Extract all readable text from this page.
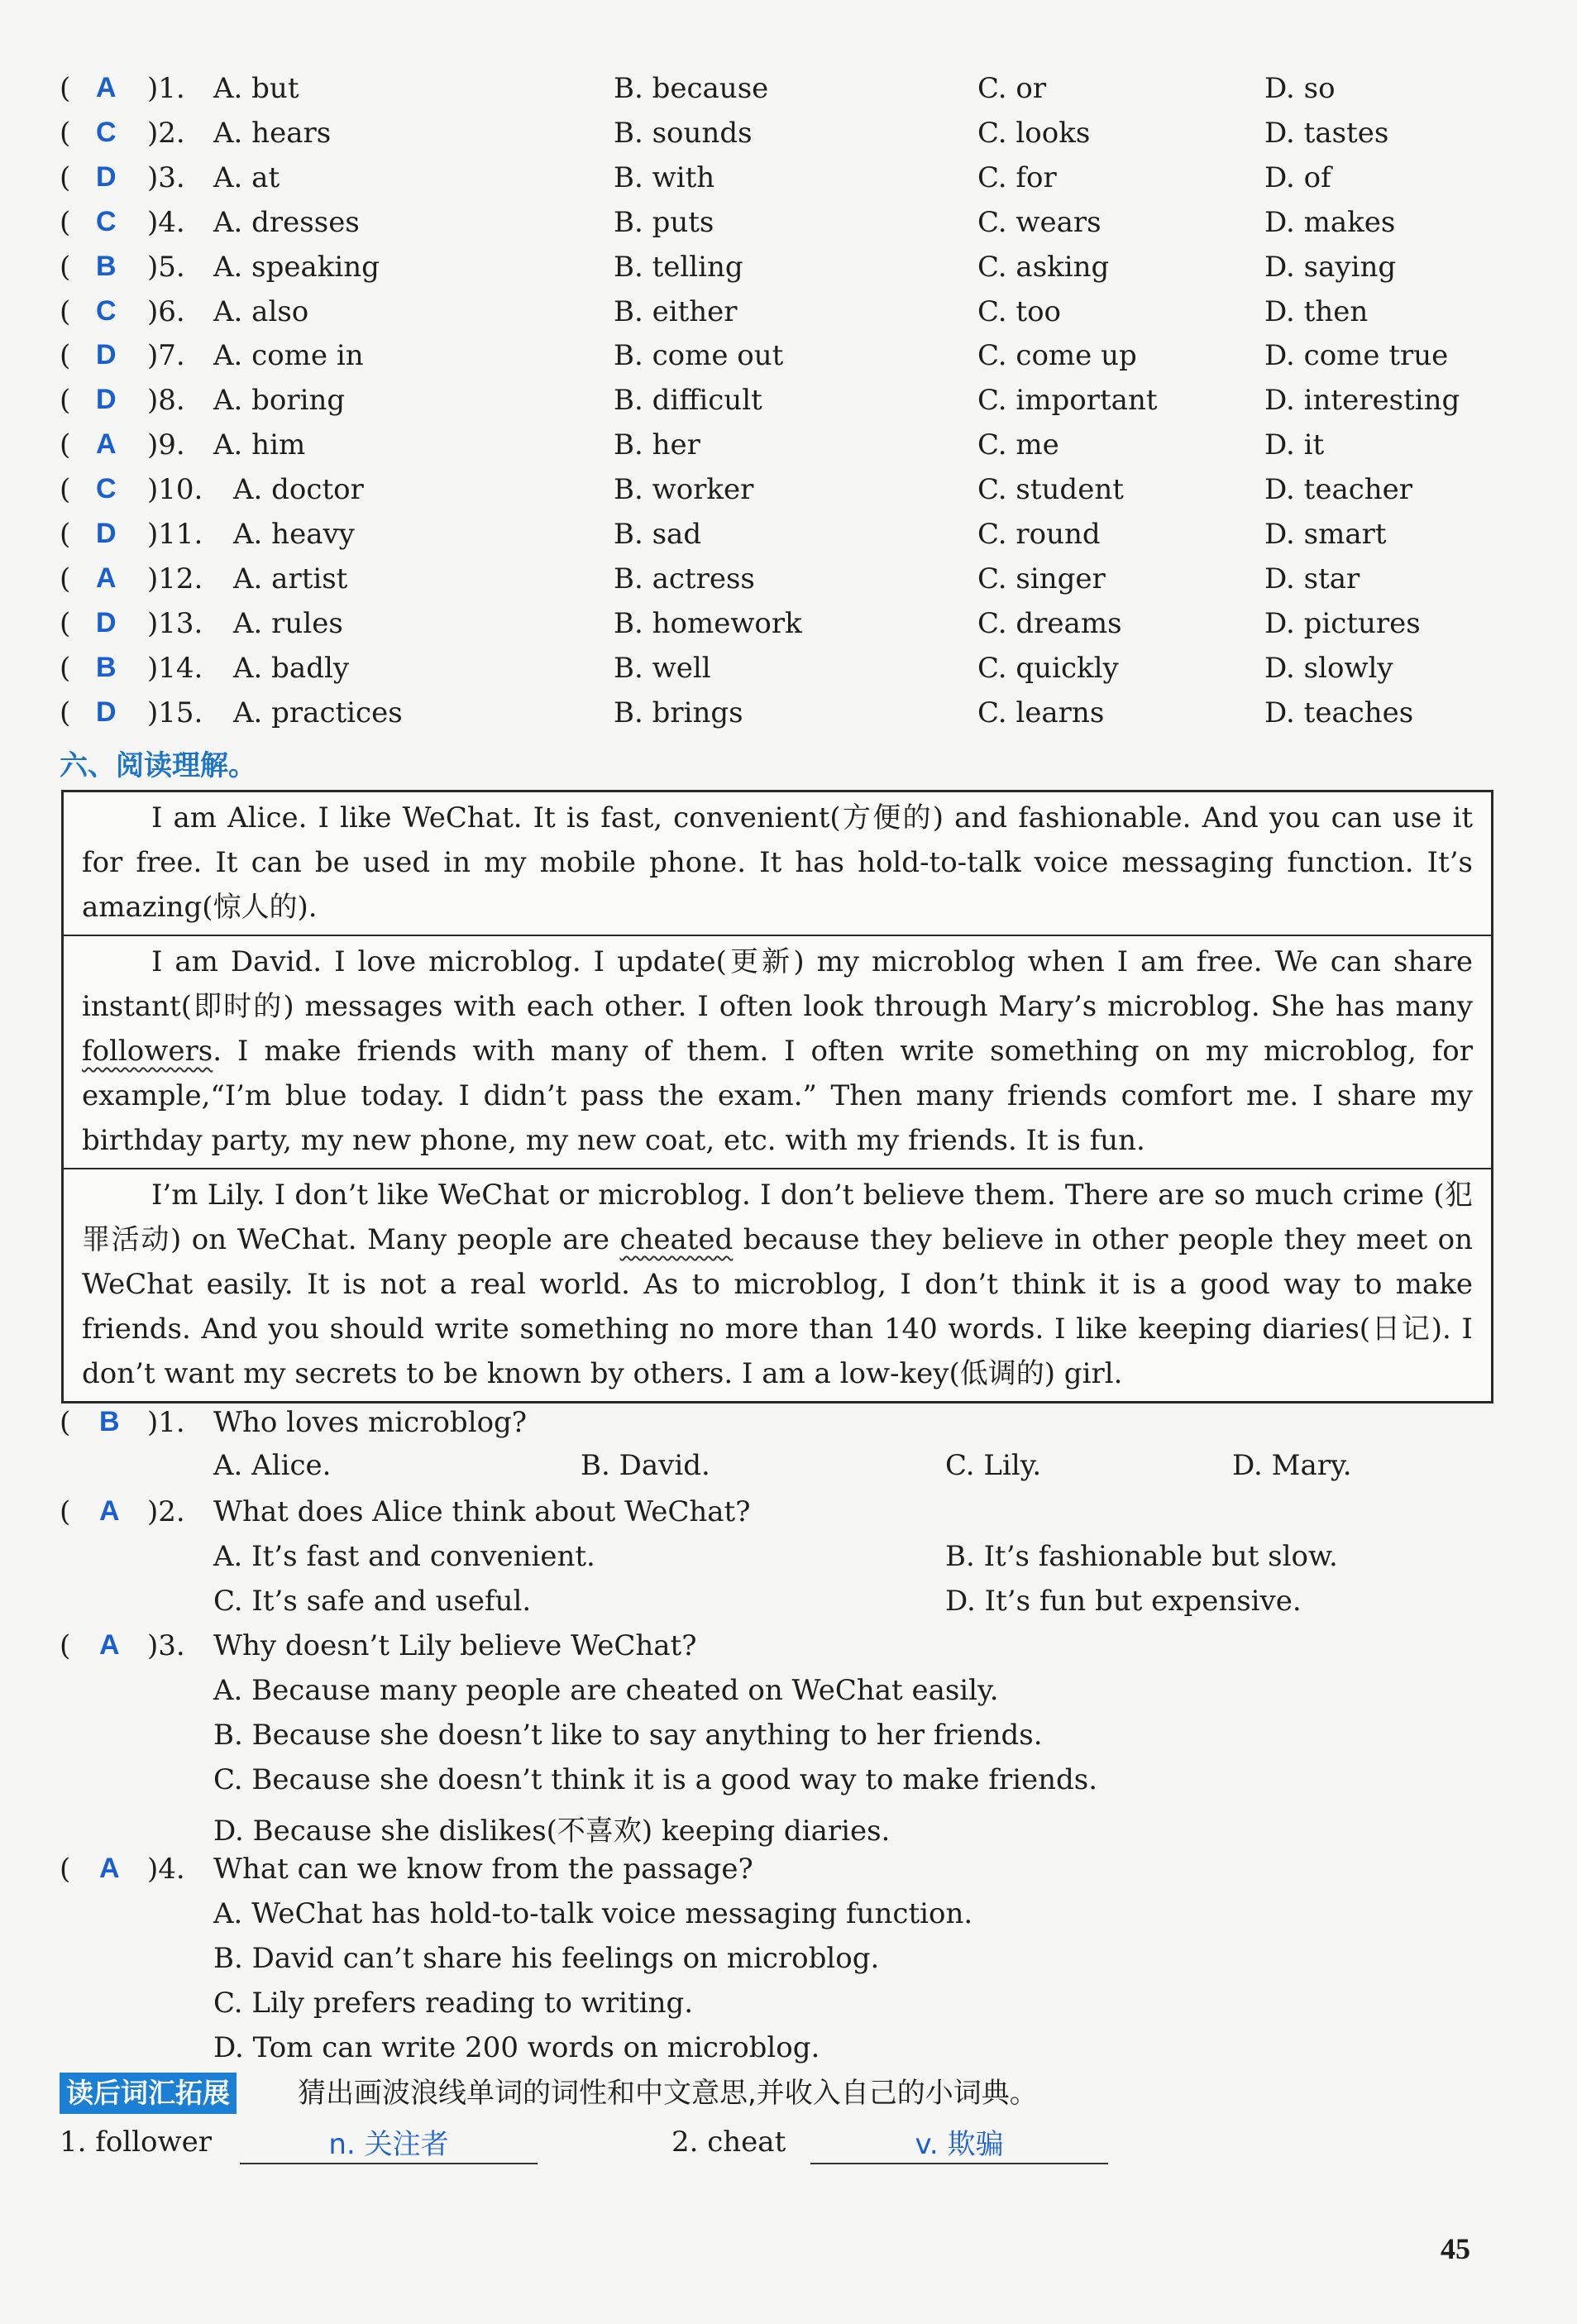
( A )1. A. but	B. because	C. or	D. so
( C )2. A. hears	B. sounds	C. looks	D. tastes
( D )3. A. at	B. with	C. for	D. of
( C )4. A. dresses	B. puts	C. wears	D. makes
( B )5. A. speaking	B. telling	C. asking	D. saying
( C )6. A. also	B. either	C. too	D. then
( D )7. A. come in	B. come out	C. come up	D. come true
( D )8. A. boring	B. difficult	C. important	D. interesting
( A )9. A. him	B. her	C. me	D. it
( C )10. A. doctor	B. worker	C. student	D. teacher
( D )11. A. heavy	B. sad	C. round	D. smart
( A )12. A. artist	B. actress	C. singer	D. star
( D )13. A. rules	B. homework	C. dreams	D. pictures
( B )14. A. badly	B. well	C. quickly	D. slowly
( D )15. A. practices	B. brings	C. learns	D. teaches
六、阅读理解。
I am Alice. I like WeChat. It is fast, convenient(方便的) and fashionable. And you can use it for free. It can be used in my mobile phone. It has hold-to-talk voice messaging function. It’s amazing(惊人的).
I am David. I love microblog. I update(更新) my microblog when I am free. We can share instant(即时的) messages with each other. I often look through Mary’s microblog. She has many followers. I make friends with many of them. I often write something on my microblog, for example,“I’m blue today. I didn’t pass the exam.” Then many friends comfort me. I share my birthday party, my new phone, my new coat, etc. with my friends. It is fun.
I’m Lily. I don’t like WeChat or microblog. I don’t believe them. There are so much crime (犯罪活动) on WeChat. Many people are cheated because they believe in other people they meet on WeChat easily. It is not a real world. As to microblog, I don’t think it is a good way to make friends. And you should write something no more than 140 words. I like keeping diaries(日记). I don’t want my secrets to be known by others. I am a low-key(低调的) girl.
( B )1. Who loves microblog?
A. Alice.	B. David.	C. Lily.	D. Mary.
( A )2. What does Alice think about WeChat?
A. It’s fast and convenient.	B. It’s fashionable but slow.
C. It’s safe and useful.	D. It’s fun but expensive.
( A )3. Why doesn’t Lily believe WeChat?
A. Because many people are cheated on WeChat easily.
B. Because she doesn’t like to say anything to her friends.
C. Because she doesn’t think it is a good way to make friends.
D. Because she dislikes(不喜欢) keeping diaries.
( A )4. What can we know from the passage?
A. WeChat has hold-to-talk voice messaging function.
B. David can’t share his feelings on microblog.
C. Lily prefers reading to writing.
D. Tom can write 200 words on microblog.
读后词汇拓展 猜出画波浪线单词的词性和中文意思,并收入自己的小词典。
1. follower	n. 关注者	2. cheat	v. 欺骗
45
